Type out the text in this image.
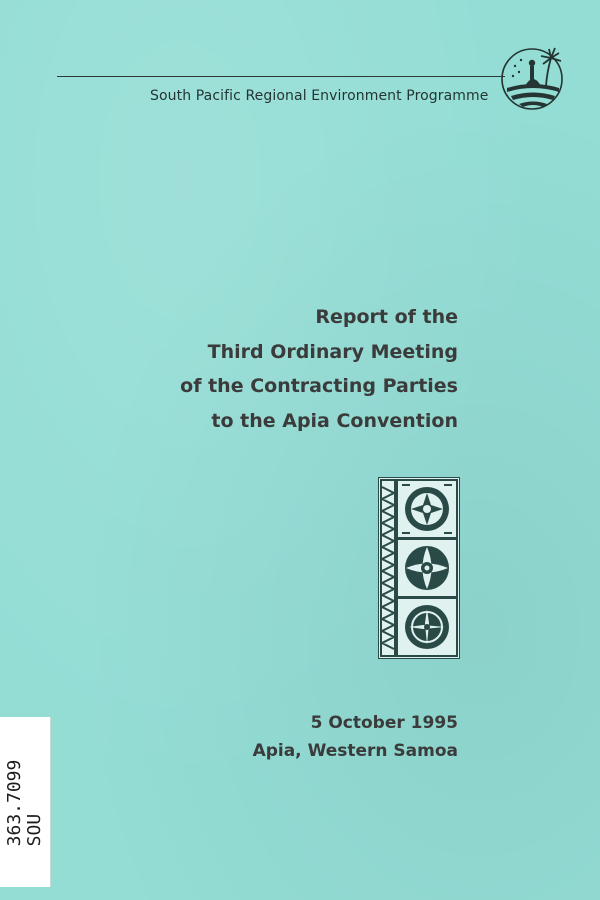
South Pacific Regional Environment Programme
Report of the
Third Ordinary Meeting
of the Contracting Parties
to the Apia Convention
5 October 1995
Apia, Western Samoa
363.7099 SOU
